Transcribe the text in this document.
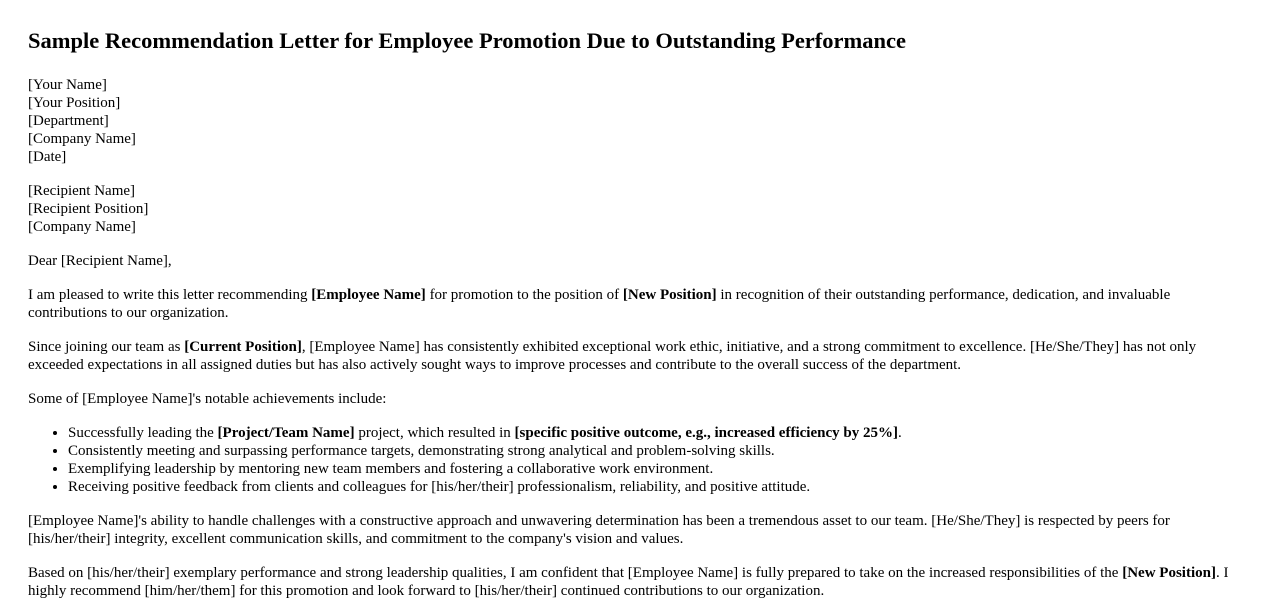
Sample Recommendation Letter for Employee Promotion Due to Outstanding Performance
[Your Name]
[Your Position]
[Department]
[Company Name]
[Date]
[Recipient Name]
[Recipient Position]
[Company Name]

Dear [Recipient Name],

I am pleased to write this letter recommending [Employee Name] for promotion to the position of [New Position] in recognition of their outstanding performance, dedication, and invaluable contributions to our organization.

Since joining our team as [Current Position], [Employee Name] has consistently exhibited exceptional work ethic, initiative, and a strong commitment to excellence. [He/She/They] has not only exceeded expectations in all assigned duties but has also actively sought ways to improve processes and contribute to the overall success of the department.

Some of [Employee Name]'s notable achievements include:

• Successfully leading the [Project/Team Name] project, which resulted in [specific positive outcome, e.g., increased efficiency by 25%].
• Consistently meeting and surpassing performance targets, demonstrating strong analytical and problem-solving skills.
• Exemplifying leadership by mentoring new team members and fostering a collaborative work environment.
• Receiving positive feedback from clients and colleagues for [his/her/their] professionalism, reliability, and positive attitude.

[Employee Name]'s ability to handle challenges with a constructive approach and unwavering determination has been a tremendous asset to our team. [He/She/They] is respected by peers for [his/her/their] integrity, excellent communication skills, and commitment to the company's vision and values.

Based on [his/her/their] exemplary performance and strong leadership qualities, I am confident that [Employee Name] is fully prepared to take on the increased responsibilities of the [New Position]. I highly recommend [him/her/them] for this promotion and look forward to [his/her/their] continued contributions to our organization.
